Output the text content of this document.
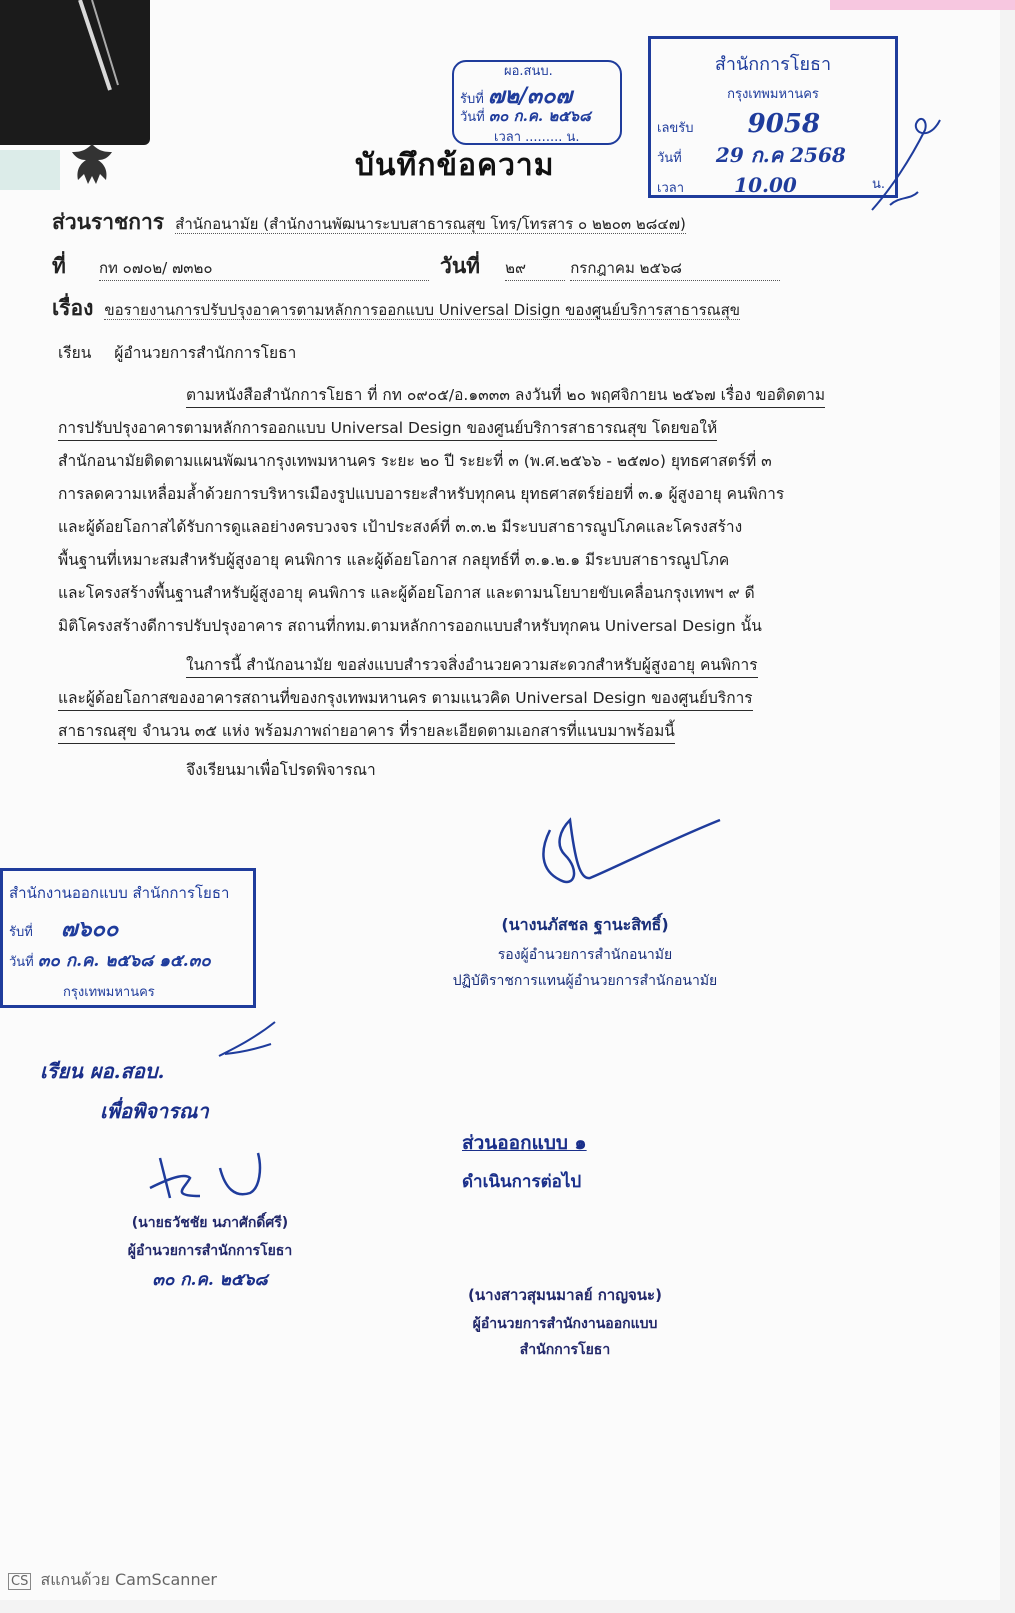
บันทึกข้อความ
ผอ.สนบ.
รับที่ ๗๒/๓๐๗
วันที่ ๓๐ ก.ค. ๒๕๖๘
เวลา ......... น.
สำนักการโยธา
กรุงเทพมหานคร
เลขรับ 9058
วันที่ 29 ก.ค 2568
เวลา	10.00	น.
ส่วนราชการ สำนักอนามัย (สำนักงานพัฒนาระบบสาธารณสุข โทร/โทรสาร ๐ ๒๒๐๓ ๒๘๔๗)
ที่ กท ๐๗๐๒/ ๗๓๒๐	วันที่ ๒๙	กรกฎาคม ๒๕๖๘
เรื่อง ขอรายงานการปรับปรุงอาคารตามหลักการออกแบบ Universal Disign ของศูนย์บริการสาธารณสุข
เรียน ผู้อำนวยการสำนักการโยธา
ตามหนังสือสำนักการโยธา ที่ กท ๐๙๐๕/อ.๑๓๓๓ ลงวันที่ ๒๐ พฤศจิกายน ๒๕๖๗ เรื่อง ขอติดตาม
การปรับปรุงอาคารตามหลักการออกแบบ Universal Design ของศูนย์บริการสาธารณสุข โดยขอให้
สำนักอนามัยติดตามแผนพัฒนากรุงเทพมหานคร ระยะ ๒๐ ปี ระยะที่ ๓ (พ.ศ.๒๕๖๖ - ๒๕๗๐) ยุทธศาสตร์ที่ ๓
การลดความเหลื่อมล้ำด้วยการบริหารเมืองรูปแบบอารยะสำหรับทุกคน ยุทธศาสตร์ย่อยที่ ๓.๑ ผู้สูงอายุ คนพิการ
และผู้ด้อยโอกาสได้รับการดูแลอย่างครบวงจร เป้าประสงค์ที่ ๓.๓.๒ มีระบบสาธารณูปโภคและโครงสร้าง
พื้นฐานที่เหมาะสมสำหรับผู้สูงอายุ คนพิการ และผู้ด้อยโอกาส กลยุทธ์ที่ ๓.๑.๒.๑ มีระบบสาธารณูปโภค
และโครงสร้างพื้นฐานสำหรับผู้สูงอายุ คนพิการ และผู้ด้อยโอกาส และตามนโยบายขับเคลื่อนกรุงเทพฯ ๙ ดี
มิติโครงสร้างดีการปรับปรุงอาคาร สถานที่กทม.ตามหลักการออกแบบสำหรับทุกคน Universal Design นั้น
ในการนี้ สำนักอนามัย ขอส่งแบบสำรวจสิ่งอำนวยความสะดวกสำหรับผู้สูงอายุ คนพิการ
และผู้ด้อยโอกาสของอาคารสถานที่ของกรุงเทพมหานคร ตามแนวคิด Universal Design ของศูนย์บริการ
สาธารณสุข จำนวน ๓๕ แห่ง พร้อมภาพถ่ายอาคาร ที่รายละเอียดตามเอกสารที่แนบมาพร้อมนี้
จึงเรียนมาเพื่อโปรดพิจารณา
(นางนภัสชล ฐานะสิทธิ์)
รองผู้อำนวยการสำนักอนามัย
ปฏิบัติราชการแทนผู้อำนวยการสำนักอนามัย
สำนักงานออกแบบ สำนักการโยธา
รับที่ ๗๖๐๐
วันที่ ๓๐ ก.ค. ๒๕๖๘ ๑๕.๓๐
กรุงเทพมหานคร
เรียน ผอ.สอบ.
เพื่อพิจารณา
(นายธวัชชัย นภาศักดิ์ศรี)
ผู้อำนวยการสำนักการโยธา
๓๐ ก.ค. ๒๕๖๘
ส่วนออกแบบ ๑
ดำเนินการต่อไป
(นางสาวสุมนมาลย์ กาญจนะ)
ผู้อำนวยการสำนักงานออกแบบ
สำนักการโยธา
CS สแกนด้วย CamScanner
